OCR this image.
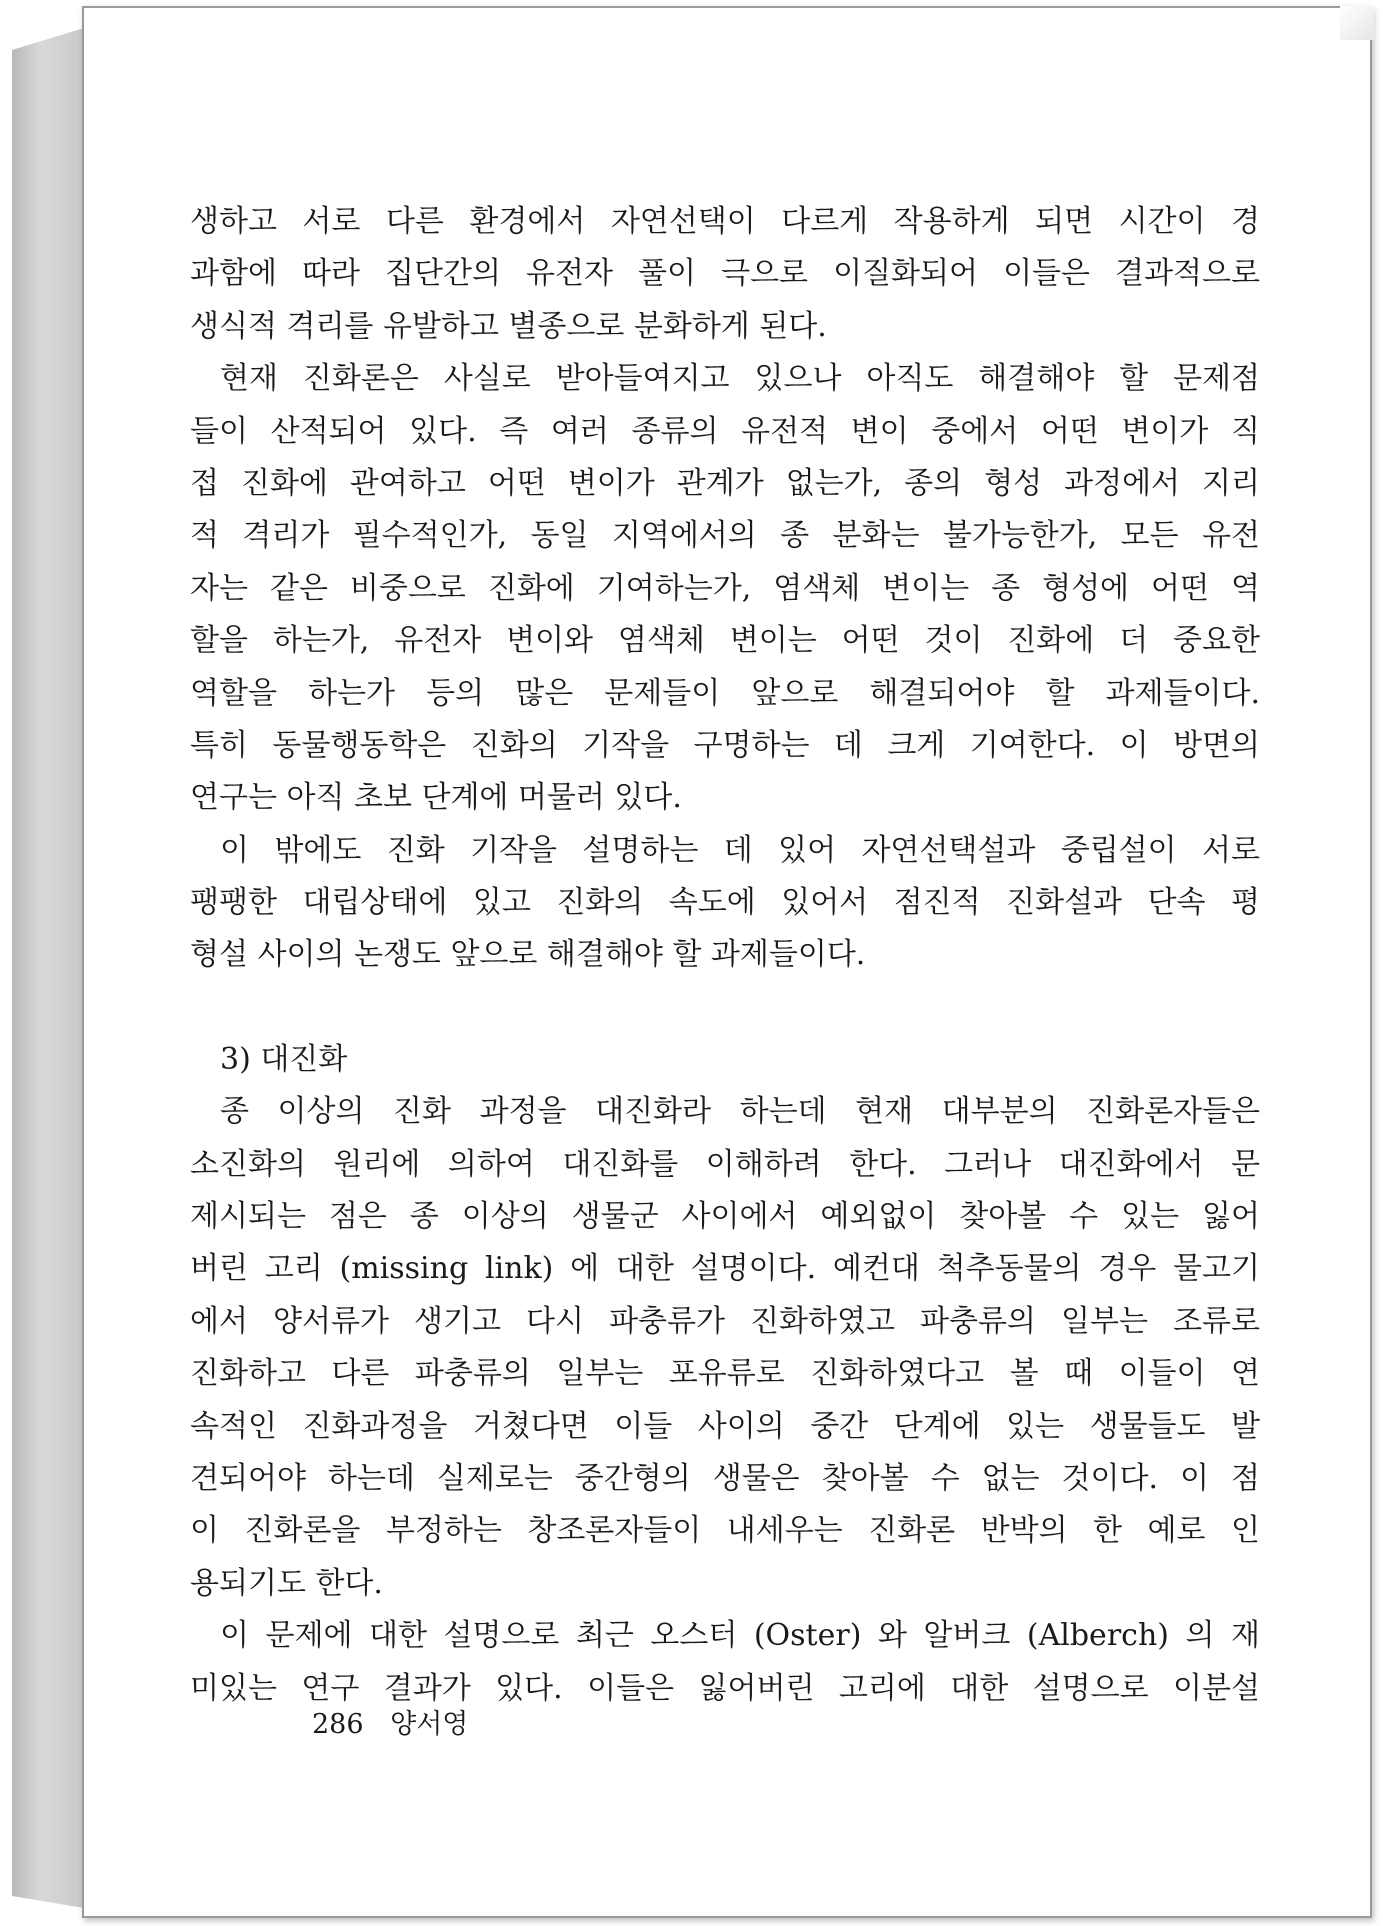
생하고 서로 다른 환경에서 자연선택이 다르게 작용하게 되면 시간이 경
과함에 따라 집단간의 유전자 풀이 극으로 이질화되어 이들은 결과적으로
생식적 격리를 유발하고 별종으로 분화하게 된다.
현재 진화론은 사실로 받아들여지고 있으나 아직도 해결해야 할 문제점
들이 산적되어 있다. 즉 여러 종류의 유전적 변이 중에서 어떤 변이가 직
접 진화에 관여하고 어떤 변이가 관계가 없는가, 종의 형성 과정에서 지리
적 격리가 필수적인가, 동일 지역에서의 종 분화는 불가능한가, 모든 유전
자는 같은 비중으로 진화에 기여하는가, 염색체 변이는 종 형성에 어떤 역
할을 하는가, 유전자 변이와 염색체 변이는 어떤 것이 진화에 더 중요한
역할을 하는가 등의 많은 문제들이 앞으로 해결되어야 할 과제들이다.
특히 동물행동학은 진화의 기작을 구명하는 데 크게 기여한다. 이 방면의
연구는 아직 초보 단계에 머물러 있다.
이 밖에도 진화 기작을 설명하는 데 있어 자연선택설과 중립설이 서로
팽팽한 대립상태에 있고 진화의 속도에 있어서 점진적 진화설과 단속 평
형설 사이의 논쟁도 앞으로 해결해야 할 과제들이다.
3) 대진화
종 이상의 진화 과정을 대진화라 하는데 현재 대부분의 진화론자들은
소진화의 원리에 의하여 대진화를 이해하려 한다. 그러나 대진화에서 문
제시되는 점은 종 이상의 생물군 사이에서 예외없이 찾아볼 수 있는 잃어
버린 고리 (missing link) 에 대한 설명이다. 예컨대 척추동물의 경우 물고기
에서 양서류가 생기고 다시 파충류가 진화하였고 파충류의 일부는 조류로
진화하고 다른 파충류의 일부는 포유류로 진화하였다고 볼 때 이들이 연
속적인 진화과정을 거쳤다면 이들 사이의 중간 단계에 있는 생물들도 발
견되어야 하는데 실제로는 중간형의 생물은 찾아볼 수 없는 것이다. 이 점
이 진화론을 부정하는 창조론자들이 내세우는 진화론 반박의 한 예로 인
용되기도 한다.
이 문제에 대한 설명으로 최근 오스터 (Oster) 와 알버크 (Alberch) 의 재
미있는 연구 결과가 있다. 이들은 잃어버린 고리에 대한 설명으로 이분설
286 양서영
